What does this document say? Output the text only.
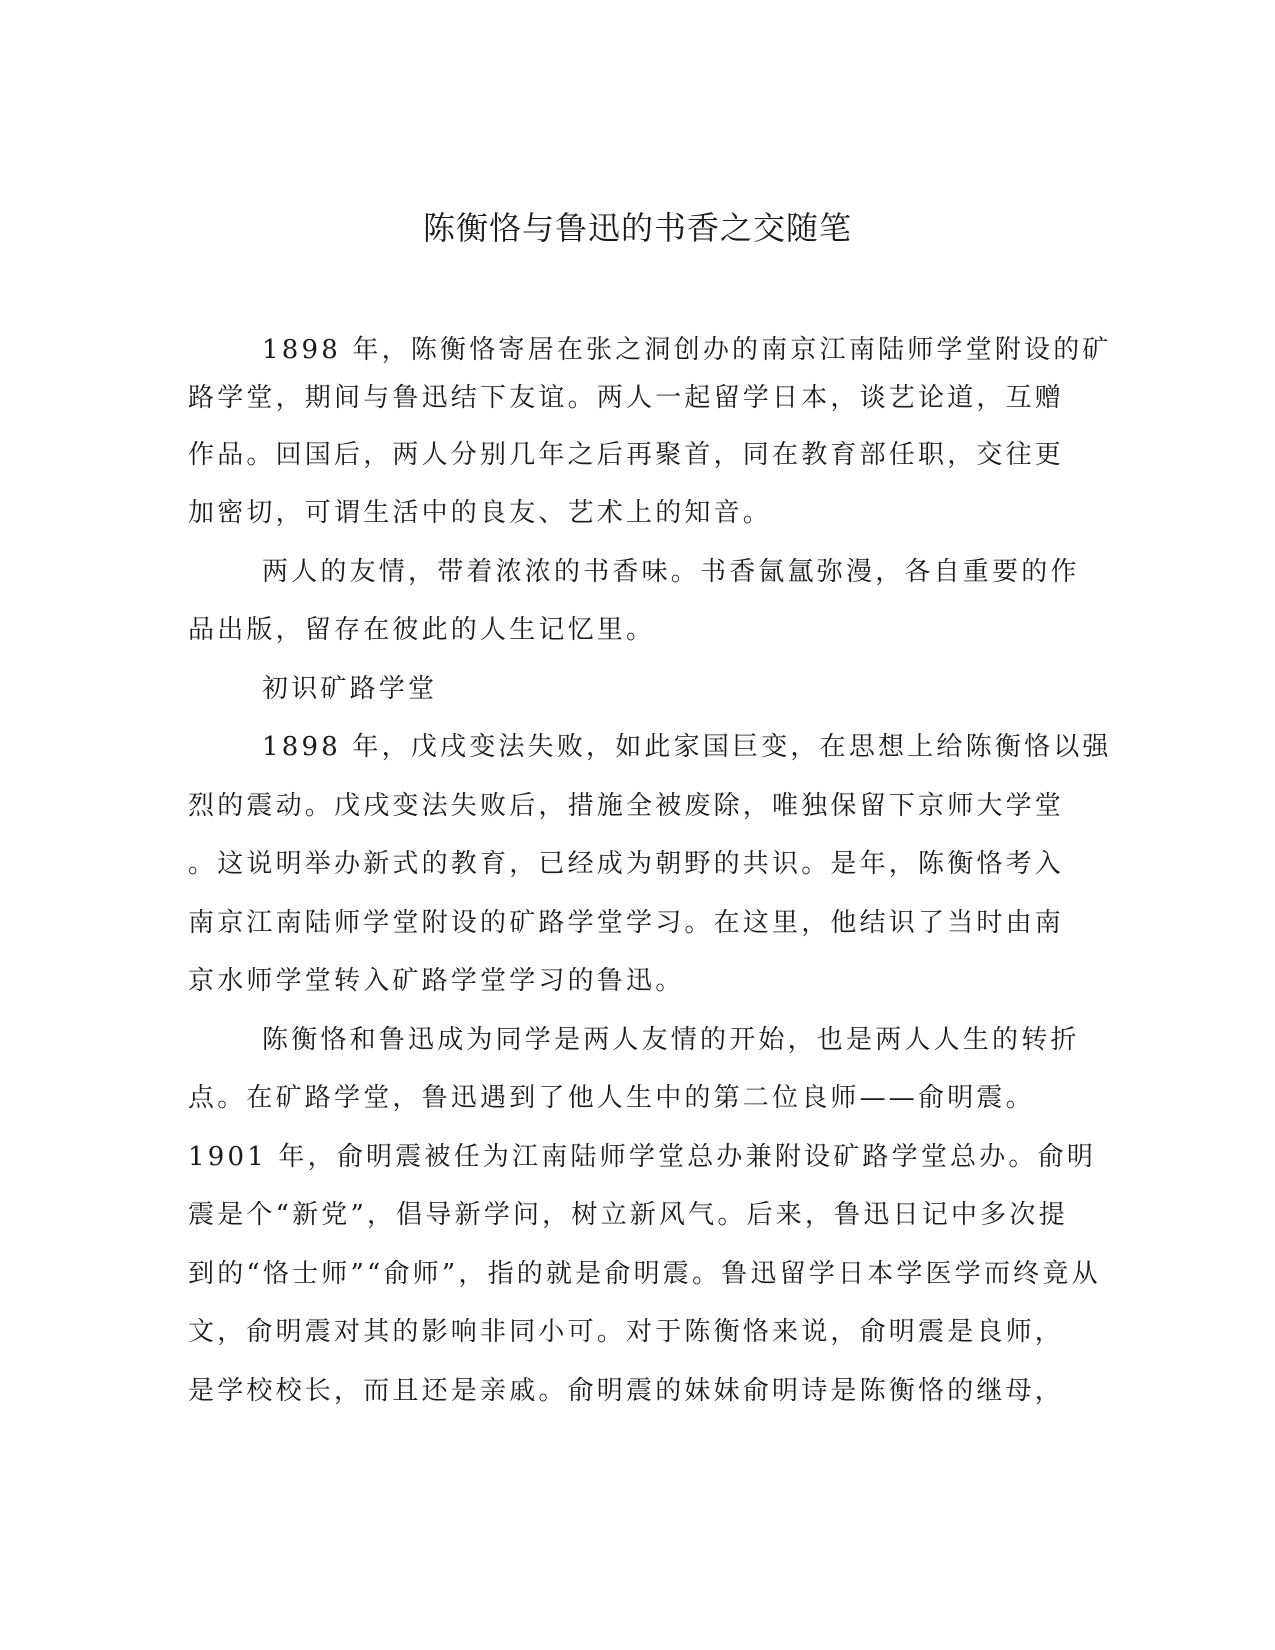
陈衡恪与鲁迅的书香之交随笔
1898 年，陈衡恪寄居在张之洞创办的南京江南陆师学堂附设的矿
路学堂，期间与鲁迅结下友谊。两人一起留学日本，谈艺论道，互赠
作品。回国后，两人分别几年之后再聚首，同在教育部任职，交往更
加密切，可谓生活中的良友、艺术上的知音。
两人的友情，带着浓浓的书香味。书香氤氲弥漫，各自重要的作
品出版，留存在彼此的人生记忆里。
初识矿路学堂
1898 年，戊戌变法失败，如此家国巨变，在思想上给陈衡恪以强
烈的震动。戊戌变法失败后，措施全被废除，唯独保留下京师大学堂
。这说明举办新式的教育，已经成为朝野的共识。是年，陈衡恪考入
南京江南陆师学堂附设的矿路学堂学习。在这里，他结识了当时由南
京水师学堂转入矿路学堂学习的鲁迅。
陈衡恪和鲁迅成为同学是两人友情的开始，也是两人人生的转折
点。在矿路学堂，鲁迅遇到了他人生中的第二位良师——俞明震。
1901 年，俞明震被任为江南陆师学堂总办兼附设矿路学堂总办。俞明
震是个“新党”，倡导新学问，树立新风气。后来，鲁迅日记中多次提
到的“恪士师”“俞师”，指的就是俞明震。鲁迅留学日本学医学而终竟从
文，俞明震对其的影响非同小可。对于陈衡恪来说，俞明震是良师，
是学校校长，而且还是亲戚。俞明震的妹妹俞明诗是陈衡恪的继母，
